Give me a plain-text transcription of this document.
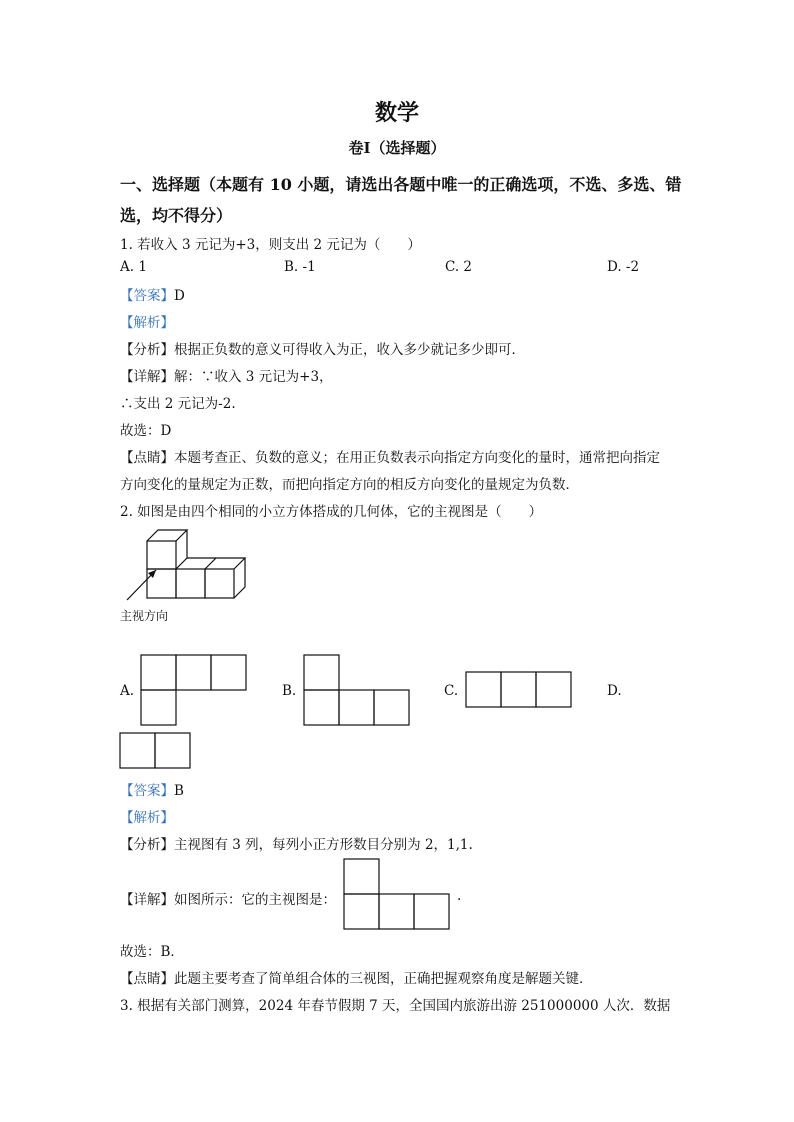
数学
卷Ⅰ（选择题）
一、选择题（本题有 10 小题，请选出各题中唯一的正确选项，不选、多选、错
选，均不得分）
1. 若收入 3 元记为+3，则支出 2 元记为（　　）
A. 1	B. -1	C. 2	D. -2
【答案】D
【解析】
【分析】根据正负数的意义可得收入为正，收入多少就记多少即可．
【详解】解：∵收入 3 元记为+3，
∴支出 2 元记为-2.
故选：D
【点睛】本题考查正、负数的意义；在用正负数表示向指定方向变化的量时，通常把向指定
方向变化的量规定为正数，而把向指定方向的相反方向变化的量规定为负数．
2. 如图是由四个相同的小立方体搭成的几何体，它的主视图是（　　）
主视方向
A.	B.	C.	D.
【答案】B
【解析】
【分析】主视图有 3 列，每列小正方形数目分别为 2，1,1.
【详解】如图所示：它的主视图是：	.
故选：B．
【点睛】此题主要考查了简单组合体的三视图，正确把握观察角度是解题关键．
3. 根据有关部门测算，2024 年春节假期 7 天，全国国内旅游出游 251000000 人次．数据
